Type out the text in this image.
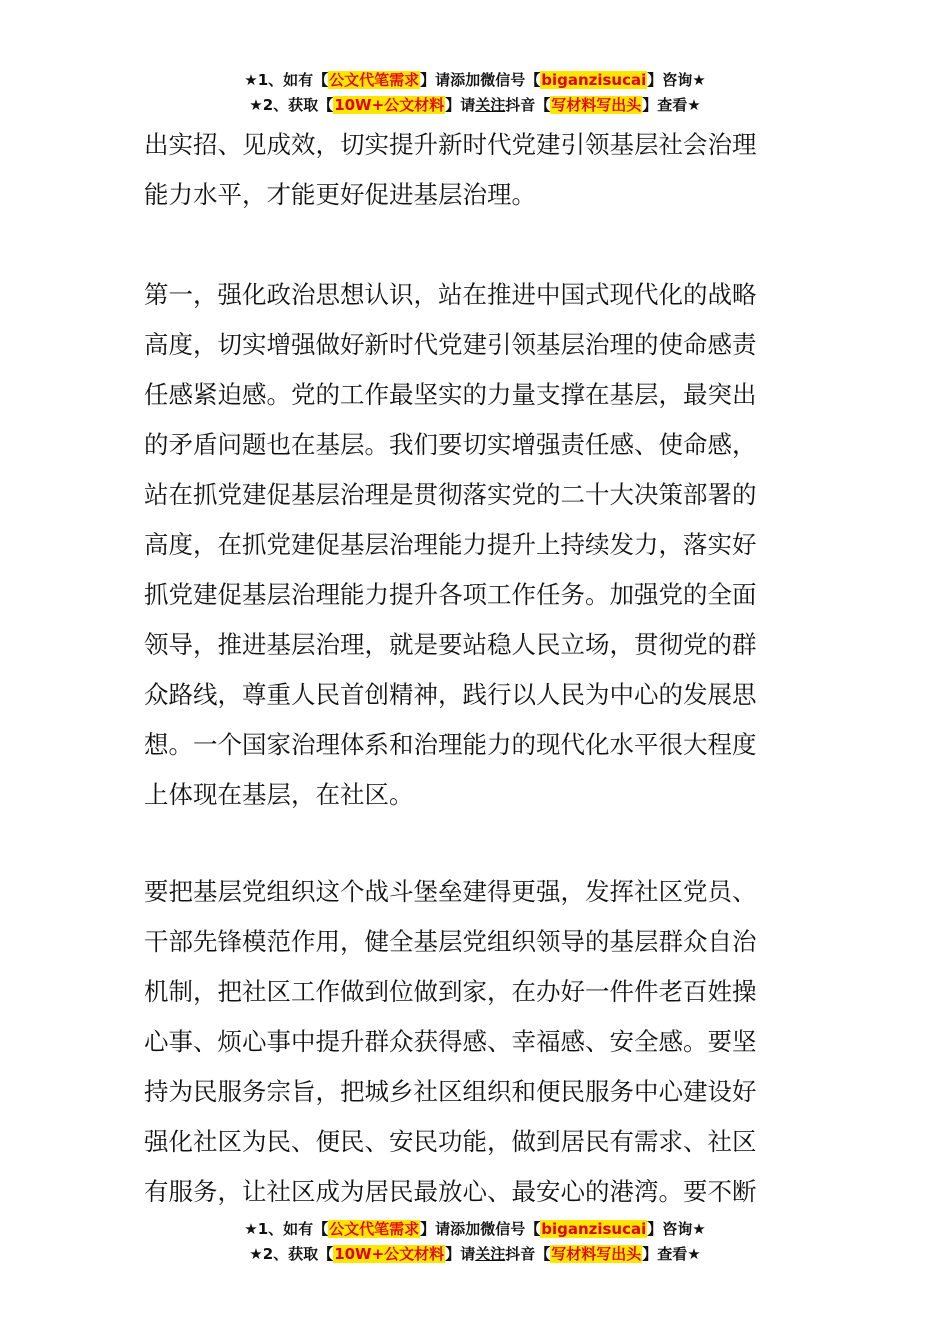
★1、如有【公文代笔需求】请添加微信号【biganzisucai】咨询★
★2、获取【10W+公文材料】请关注抖音【写材料写出头】查看★
出实招、见成效，切实提升新时代党建引领基层社会治理
能力水平，才能更好促进基层治理。
第一，强化政治思想认识，站在推进中国式现代化的战略
高度，切实增强做好新时代党建引领基层治理的使命感责
任感紧迫感。党的工作最坚实的力量支撑在基层，最突出
的矛盾问题也在基层。我们要切实增强责任感、使命感，
站在抓党建促基层治理是贯彻落实党的二十大决策部署的
高度，在抓党建促基层治理能力提升上持续发力，落实好
抓党建促基层治理能力提升各项工作任务。加强党的全面
领导，推进基层治理，就是要站稳人民立场，贯彻党的群
众路线，尊重人民首创精神，践行以人民为中心的发展思
想。一个国家治理体系和治理能力的现代化水平很大程度
上体现在基层，在社区。
要把基层党组织这个战斗堡垒建得更强，发挥社区党员、
干部先锋模范作用，健全基层党组织领导的基层群众自治
机制，把社区工作做到位做到家，在办好一件件老百姓操
心事、烦心事中提升群众获得感、幸福感、安全感。要坚
持为民服务宗旨，把城乡社区组织和便民服务中心建设好
强化社区为民、便民、安民功能，做到居民有需求、社区
有服务，让社区成为居民最放心、最安心的港湾。要不断
★1、如有【公文代笔需求】请添加微信号【biganzisucai】咨询★
★2、获取【10W+公文材料】请关注抖音【写材料写出头】查看★
